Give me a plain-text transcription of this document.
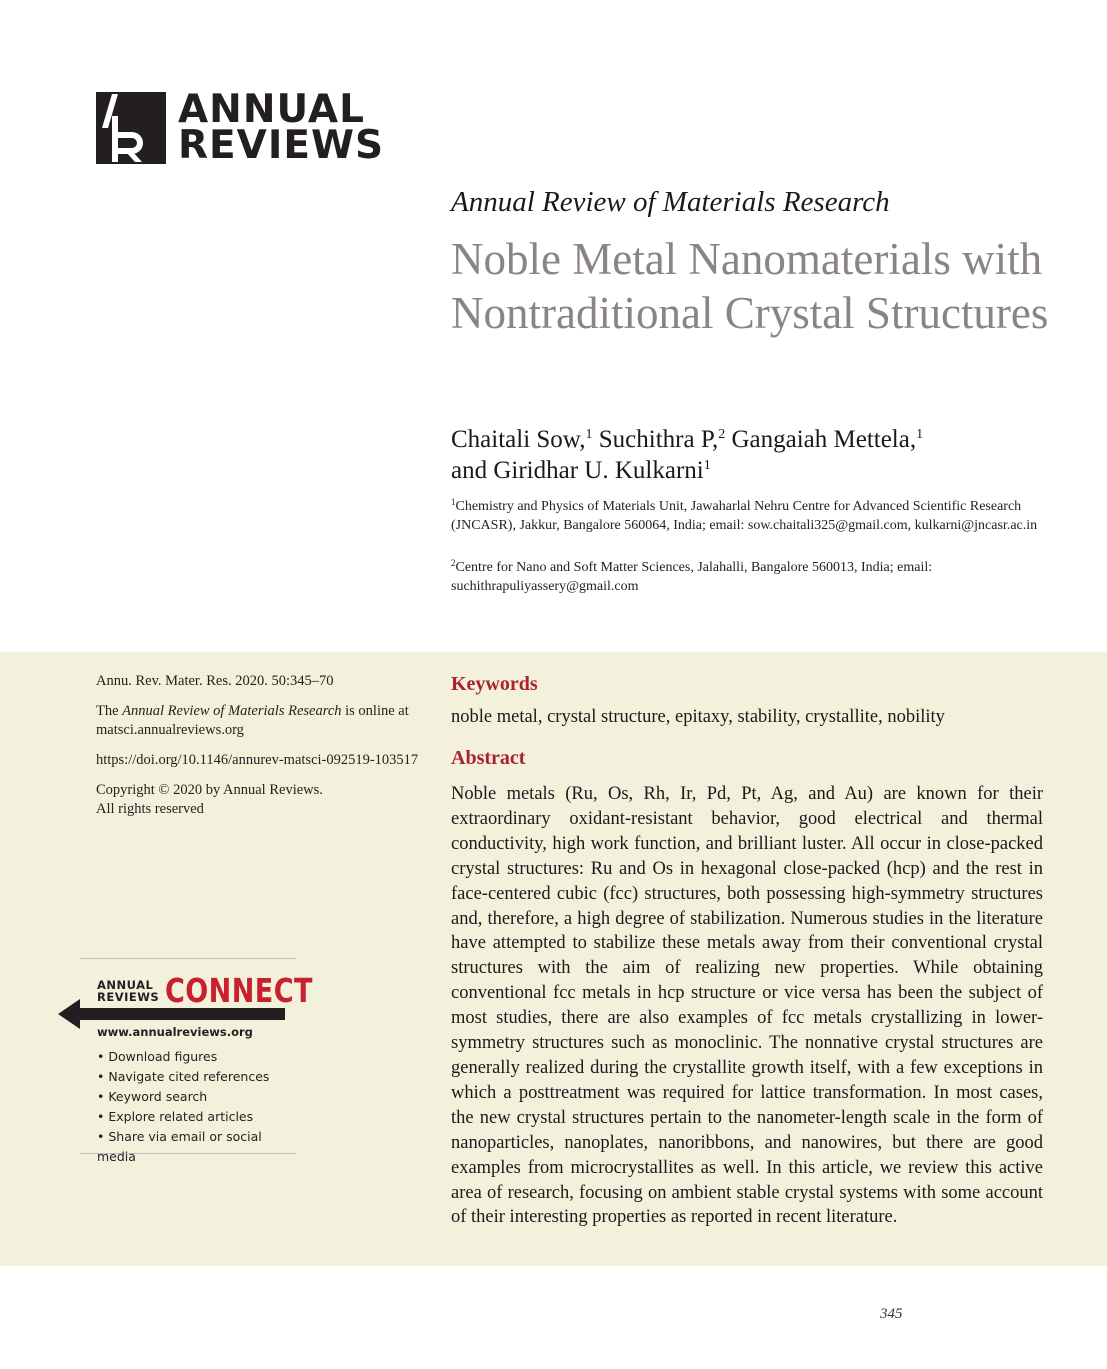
ANNUAL
REVIEWS
Annual Review of Materials Research
Noble Metal Nanomaterials with Nontraditional Crystal Structures
Chaitali Sow,$^1$ Suchithra P,$^2$ Gangaiah Mettela,$^1$
and Giridhar U. Kulkarni$^1$
$^1$Chemistry and Physics of Materials Unit, Jawaharlal Nehru Centre for Advanced Scientific Research (JNCASR), Jakkur, Bangalore 560064, India; email: sow.chaitali325@gmail.com, kulkarni@jncasr.ac.in
$^2$Centre for Nano and Soft Matter Sciences, Jalahalli, Bangalore 560013, India; email: suchithrapuliyassery@gmail.com

Annu. Rev. Mater. Res. 2020. 50:345–70

The Annual Review of Materials Research is online at matsci.annualreviews.org

https://doi.org/10.1146/annurev-matsci-092519-103517

Copyright © 2020 by Annual Reviews.
All rights reserved

ANNUAL
REVIEWS CONNECT
www.annualreviews.org
• Download figures
• Navigate cited references
• Keyword search
• Explore related articles
• Share via email or social media
Keywords
noble metal, crystal structure, epitaxy, stability, crystallite, nobility
Abstract
Noble metals (Ru, Os, Rh, Ir, Pd, Pt, Ag, and Au) are known for their extraordinary oxidant-resistant behavior, good electrical and thermal conductivity, high work function, and brilliant luster. All occur in close-packed crystal structures: Ru and Os in hexagonal close-packed (hcp) and the rest in face-centered cubic (fcc) structures, both possessing high-symmetry structures and, therefore, a high degree of stabilization. Numerous studies in the literature have attempted to stabilize these metals away from their conventional crystal structures with the aim of realizing new properties. While obtaining conventional fcc metals in hcp structure or vice versa has been the subject of most studies, there are also examples of fcc metals crystallizing in lower-symmetry structures such as monoclinic. The nonnative crystal structures are generally realized during the crystallite growth itself, with a few exceptions in which a posttreatment was required for lattice transformation. In most cases, the new crystal structures pertain to the nanometer-length scale in the form of nanoparticles, nanoplates, nanoribbons, and nanowires, but there are good examples from microcrystallites as well. In this article, we review this active area of research, focusing on ambient stable crystal systems with some account of their interesting properties as reported in recent literature.
345
